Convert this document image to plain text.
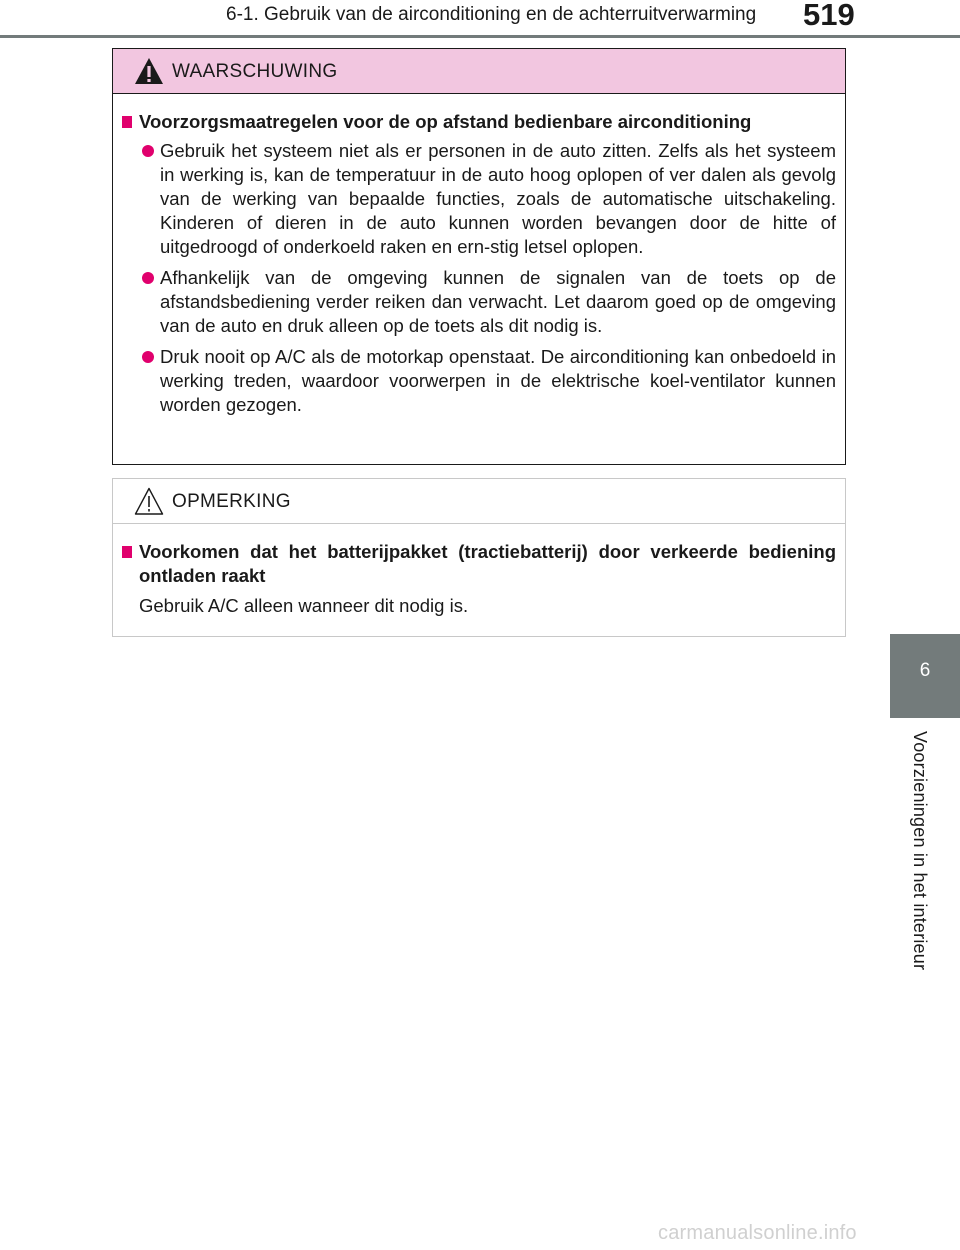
6-1. Gebruik van de airconditioning en de achterruitverwarming 519
6
Voorzieningen in het interieur
WAARSCHUWING
Voorzorgsmaatregelen voor de op afstand bedienbare airconditioning
Gebruik het systeem niet als er personen in de auto zitten. Zelfs als het systeem in werking is, kan de temperatuur in de auto hoog oplopen of ver dalen als gevolg van de werking van bepaalde functies, zoals de automatische uitschakeling. Kinderen of dieren in de auto kunnen worden bevangen door de hitte of uitgedroogd of onderkoeld raken en ern-stig letsel oplopen.
Afhankelijk van de omgeving kunnen de signalen van de toets op de afstandsbediening verder reiken dan verwacht. Let daarom goed op de omgeving van de auto en druk alleen op de toets als dit nodig is.
Druk nooit op A/C als de motorkap openstaat. De airconditioning kan onbedoeld in werking treden, waardoor voorwerpen in de elektrische koel-ventilator kunnen worden gezogen.
OPMERKING
Voorkomen dat het batterijpakket (tractiebatterij) door verkeerde bediening ontladen raakt
Gebruik A/C alleen wanneer dit nodig is.
carmanualsonline.info
